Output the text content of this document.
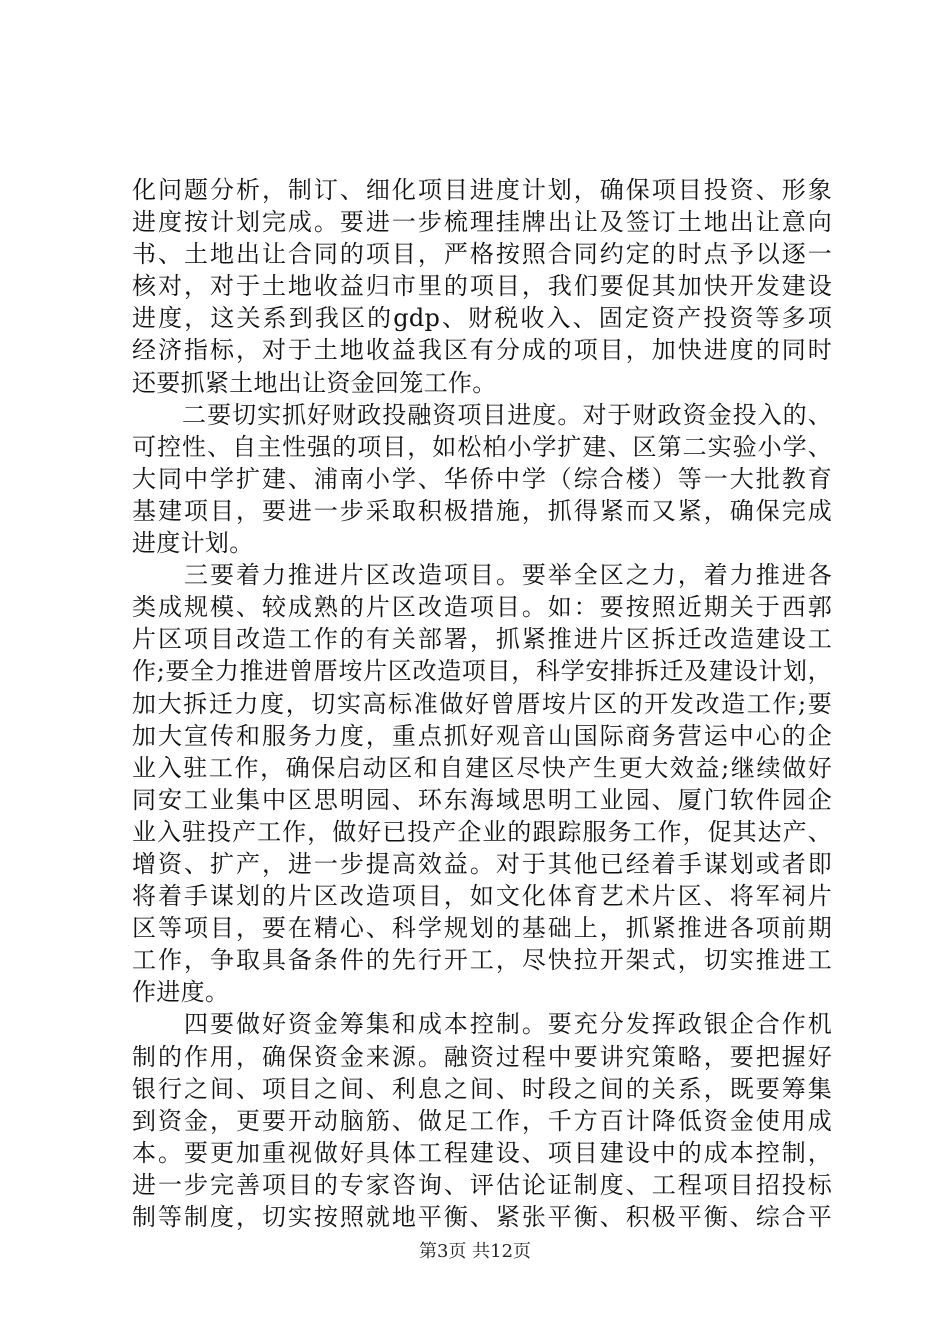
化问题分析，制订、细化项目进度计划，确保项目投资、形象
进度按计划完成。要进一步梳理挂牌出让及签订土地出让意向
书、土地出让合同的项目，严格按照合同约定的时点予以逐一
核对，对于土地收益归市里的项目，我们要促其加快开发建设
进度，这关系到我区的gdp、财税收入、固定资产投资等多项
经济指标，对于土地收益我区有分成的项目，加快进度的同时
还要抓紧土地出让资金回笼工作。
　　二要切实抓好财政投融资项目进度。对于财政资金投入的、
可控性、自主性强的项目，如松柏小学扩建、区第二实验小学、
大同中学扩建、浦南小学、华侨中学（综合楼）等一大批教育
基建项目，要进一步采取积极措施，抓得紧而又紧，确保完成
进度计划。
　　三要着力推进片区改造项目。要举全区之力，着力推进各
类成规模、较成熟的片区改造项目。如：要按照近期关于西郭
片区项目改造工作的有关部署，抓紧推进片区拆迁改造建设工
作;要全力推进曾厝垵片区改造项目，科学安排拆迁及建设计划，
加大拆迁力度，切实高标准做好曾厝垵片区的开发改造工作;要
加大宣传和服务力度，重点抓好观音山国际商务营运中心的企
业入驻工作，确保启动区和自建区尽快产生更大效益;继续做好
同安工业集中区思明园、环东海域思明工业园、厦门软件园企
业入驻投产工作，做好已投产企业的跟踪服务工作，促其达产、
增资、扩产，进一步提高效益。对于其他已经着手谋划或者即
将着手谋划的片区改造项目，如文化体育艺术片区、将军祠片
区等项目，要在精心、科学规划的基础上，抓紧推进各项前期
工作，争取具备条件的先行开工，尽快拉开架式，切实推进工
作进度。
　　四要做好资金筹集和成本控制。要充分发挥政银企合作机
制的作用，确保资金来源。融资过程中要讲究策略，要把握好
银行之间、项目之间、利息之间、时段之间的关系，既要筹集
到资金，更要开动脑筋、做足工作，千方百计降低资金使用成
本。要更加重视做好具体工程建设、项目建设中的成本控制，
进一步完善项目的专家咨询、评估论证制度、工程项目招投标
制等制度，切实按照就地平衡、紧张平衡、积极平衡、综合平
第3页 共12页
